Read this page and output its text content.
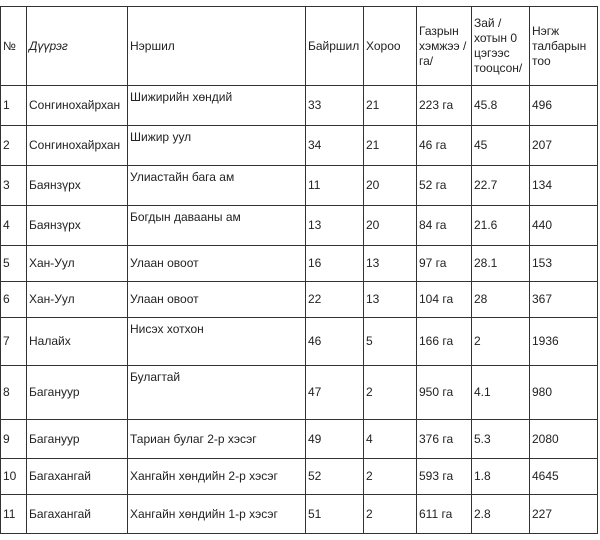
№	Дүүрэг	Нэршил	Байршил	Хороо	Газрын хэмжээ / га/	Зай / хотын 0 цэгээс тооцсон/	Нэгж талбарын тоо
1	Сонгинохайрхан	Шижирийн хөндий	33	21	223 га	45.8	496
2	Сонгинохайрхан	Шижир уул	34	21	46 га	45	207
3	Баянзүрх	Улиастайн бага ам	11	20	52 га	22.7	134
4	Баянзүрх	Богдын давааны ам	13	20	84 га	21.6	440
5	Хан-Уул	Улаан овоот	16	13	97 га	28.1	153
6	Хан-Уул	Улаан овоот	22	13	104 га	28	367
7	Налайх	Нисэх хотхон	46	5	166 га	2	1936
8	Багануур	Булагтай	47	2	950 га	4.1	980
9	Багануур	Тариан булаг 2-р хэсэг	49	4	376 га	5.3	2080
10	Багахангай	Хангайн хөндийн 2-р хэсэг	52	2	593 га	1.8	4645
11	Багахангай	Хангайн хөндийн 1-р хэсэг	51	2	611 га	2.8	227
